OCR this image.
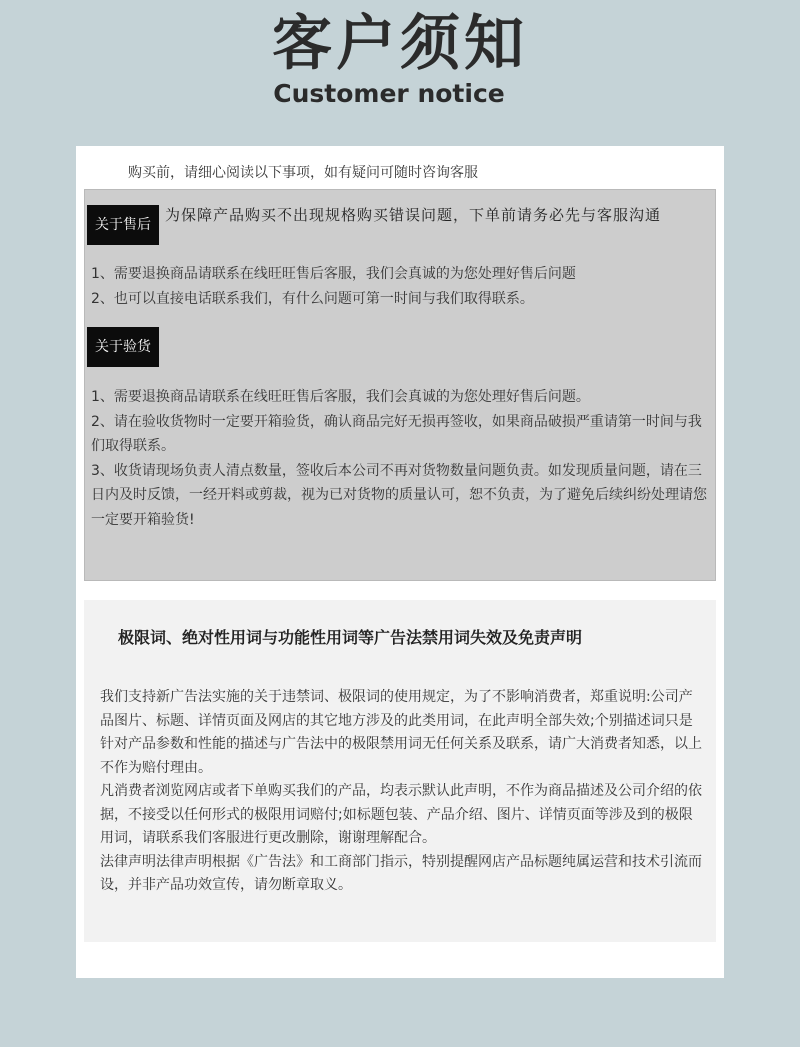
客户须知
Customer notice
购买前，请细心阅读以下事项，如有疑问可随时咨询客服
关于售后
为保障产品购买不出现规格购买错误问题，下单前请务必先与客服沟通

1、需要退换商品请联系在线旺旺售后客服，我们会真诚的为您处理好售后问题

2、也可以直接电话联系我们，有什么问题可第一时间与我们取得联系。

关于验货

1、需要退换商品请联系在线旺旺售后客服，我们会真诚的为您处理好售后问题。

2、请在验收货物时一定要开箱验货，确认商品完好无损再签收，如果商品破损严重请第一时间与我们取得联系。

3、收货请现场负责人清点数量，签收后本公司不再对货物数量问题负责。如发现质量问题，请在三日内及时反馈，一经开料或剪裁，视为已对货物的质量认可，恕不负责，为了避免后续纠纷处理请您一定要开箱验货!

极限词、绝对性用词与功能性用词等广告法禁用词失效及免责声明

我们支持新广告法实施的关于违禁词、极限词的使用规定，为了不影响消费者，郑重说明:公司产品图片、标题、详情页面及网店的其它地方涉及的此类用词，在此声明全部失效;个别描述词只是针对产品参数和性能的描述与广告法中的极限禁用词无任何关系及联系，请广大消费者知悉，以上不作为赔付理由。

凡消费者浏览网店或者下单购买我们的产品，均表示默认此声明，不作为商品描述及公司介绍的依据，不接受以任何形式的极限用词赔付;如标题包装、产品介绍、图片、详情页面等涉及到的极限用词，请联系我们客服进行更改删除，谢谢理解配合。

法律声明法律声明根据《广告法》和工商部门指示，特别提醒网店产品标题纯属运营和技术引流而设，并非产品功效宣传，请勿断章取义。
